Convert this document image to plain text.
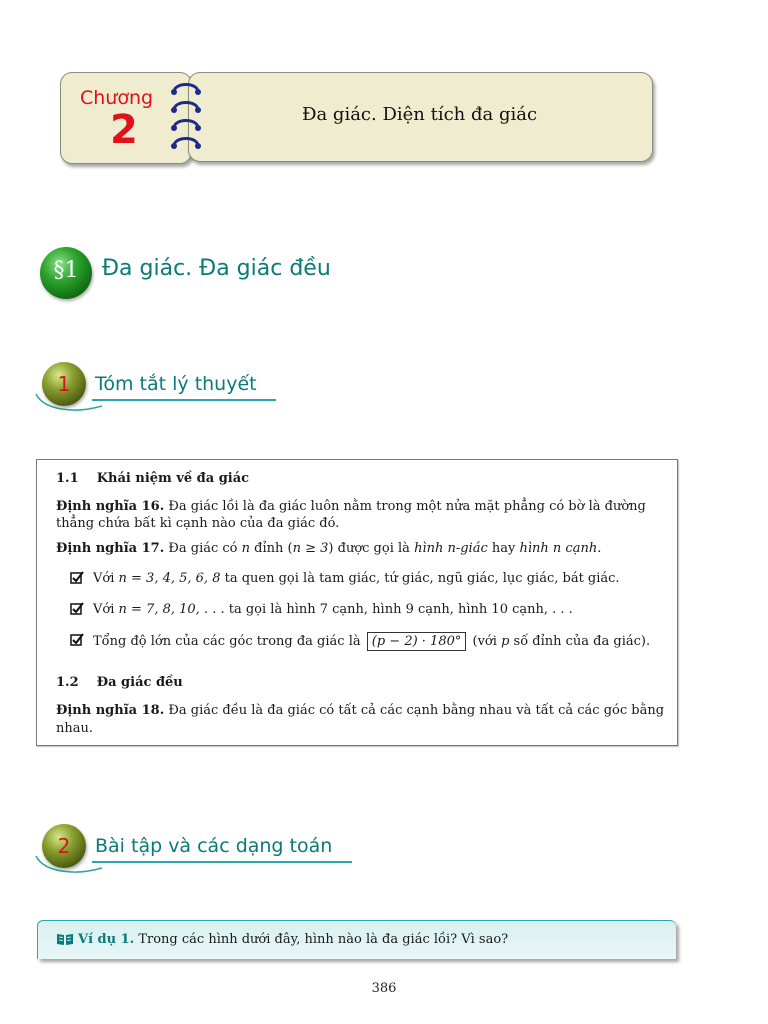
Chương
2	Đa giác. Diện tích đa giác
§1	Đa giác. Đa giác đều
1	Tóm tắt lý thuyết
1.1 Khái niệm về đa giác
Định nghĩa 16. Đa giác lồi là đa giác luôn nằm trong một nửa mặt phẳng có bờ là đường
thẳng chứa bất kì cạnh nào của đa giác đó.
Định nghĩa 17. Đa giác có n đỉnh (n ≥ 3) được gọi là hình n-giác hay hình n cạnh.
Với n = 3, 4, 5, 6, 8 ta quen gọi là tam giác, tứ giác, ngũ giác, lục giác, bát giác.
Với n = 7, 8, 10, . . . ta gọi là hình 7 cạnh, hình 9 cạnh, hình 10 cạnh, . . .
Tổng độ lớn của các góc trong đa giác là (p − 2) · 180° (với p số đỉnh của đa giác).
1.2 Đa giác đều
Định nghĩa 18. Đa giác đều là đa giác có tất cả các cạnh bằng nhau và tất cả các góc bằng
nhau.
2	Bài tập và các dạng toán
Ví dụ 1. Trong các hình dưới đây, hình nào là đa giác lồi? Vì sao?
386
